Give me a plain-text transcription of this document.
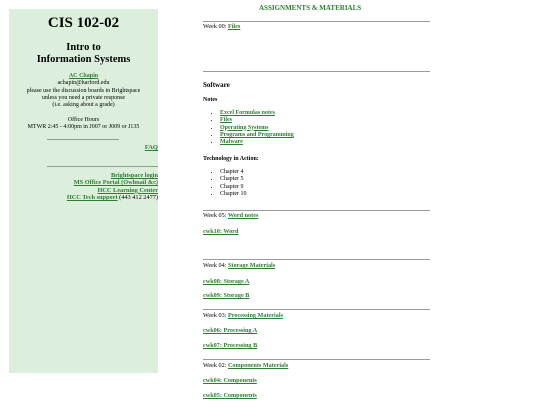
CIS 102-02
Intro to
Information Systems
AC Chapin
achapin@harford.edu
please use the discussion boards in Brightspace
unless you need a private response
(i.e. asking about a grade)
Office Hours
MTWR 2:45 - 4:00pm in J007 or J009 or J135
FAQ
Brightspace login
MS Office Portal (Owlmail &c)
HCC Learning Center
HCC Tech support (443 412 2477)
ASSIGNMENTS & MATERIALS
Week 00: Files
Software
Notes
• Excel Formulas notes
• Files
• Operating Systems
• Programs and Programming
• Malware
Technology in Action:
• Chapter 4
• Chapter 5
• Chapter 9
• Chapter 10
Week 05: Word notes
cwk10: Word
Week 04: Storage Materials
cwk08: Storage A
cwk09: Storage B
Week 03: Processing Materials
cwk06: Processing A
cwk07: Processing B
Week 02: Components Materials
cwk04: Components
cwk05: Components
